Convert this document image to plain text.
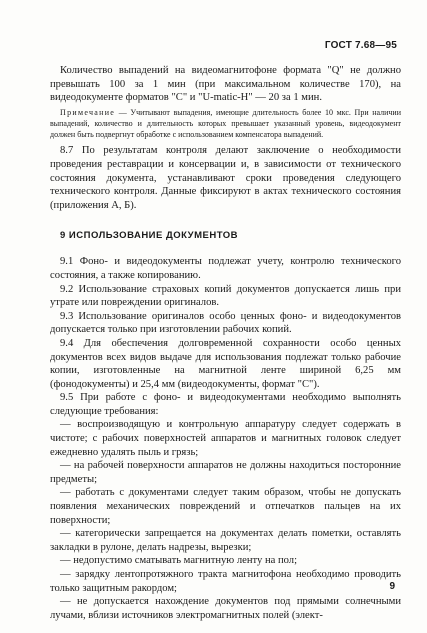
ГОСТ 7.68—95

Количество выпадений на видеомагнитофоне формата "Q" не должно превышать 100 за 1 мин (при максимальном количестве 170), на видеодокументе форматов "C" и "U-matic-H" — 20 за 1 мин.

Примечание — Учитывают выпадения, имеющие длительность более 10 мкс. При наличии выпадений, количество и длительность которых превышает указанный уровень, видеодокумент должен быть подвергнут обработке с использованием компенсатора выпадений.

8.7 По результатам контроля делают заключение о необходимости проведения реставрации и консервации и, в зависимости от технического состояния документа, устанавливают сроки проведения следующего технического контроля. Данные фиксируют в актах технического состояния (приложения А, Б).

9 ИСПОЛЬЗОВАНИЕ ДОКУМЕНТОВ

9.1 Фоно- и видеодокументы подлежат учету, контролю технического состояния, а также копированию.

9.2 Использование страховых копий документов допускается лишь при утрате или повреждении оригиналов.

9.3 Использование оригиналов особо ценных фоно- и видеодокументов допускается только при изготовлении рабочих копий.

9.4 Для обеспечения долговременной сохранности особо ценных документов всех видов выдаче для использования подлежат только рабочие копии, изготовленные на магнитной ленте шириной 6,25 мм (фонодокументы) и 25,4 мм (видеодокументы, формат "C").

9.5 При работе с фоно- и видеодокументами необходимо выполнять следующие требования:

— воспроизводящую и контрольную аппаратуру следует содержать в чистоте; с рабочих поверхностей аппаратов и магнитных головок следует ежедневно удалять пыль и грязь;

— на рабочей поверхности аппаратов не должны находиться посторонние предметы;

— работать с документами следует таким образом, чтобы не допускать появления механических повреждений и отпечатков пальцев на их поверхности;

— категорически запрещается на документах делать пометки, оставлять закладки в рулоне, делать надрезы, вырезки;

— недопустимо сматывать магнитную ленту на пол;

— зарядку лентопротяжного тракта магнитофона необходимо проводить только защитным ракордом;

— не допускается нахождение документов под прямыми солнечными лучами, вблизи источников электромагнитных полей (элект-

9
